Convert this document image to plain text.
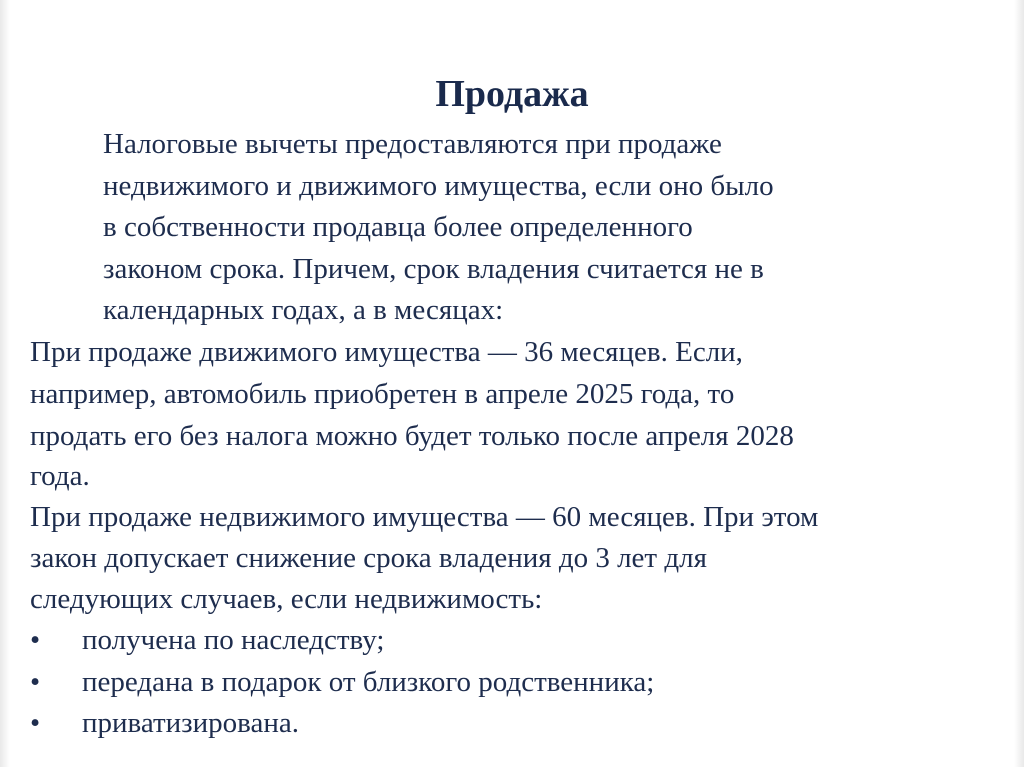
Продажа
Налоговые вычеты предоставляются при продаже
недвижимого и движимого имущества, если оно было
в собственности продавца более определенного
законом срока. Причем, срок владения считается не в
календарных годах, а в месяцах:
При продаже движимого имущества — 36 месяцев. Если,
например, автомобиль приобретен в апреле 2025 года, то
продать его без налога можно будет только после апреля 2028
года.
При продаже недвижимого имущества — 60 месяцев. При этом
закон допускает снижение срока владения до 3 лет для
следующих случаев, если недвижимость:
• получена по наследству;
• передана в подарок от близкого родственника;
• приватизирована.
